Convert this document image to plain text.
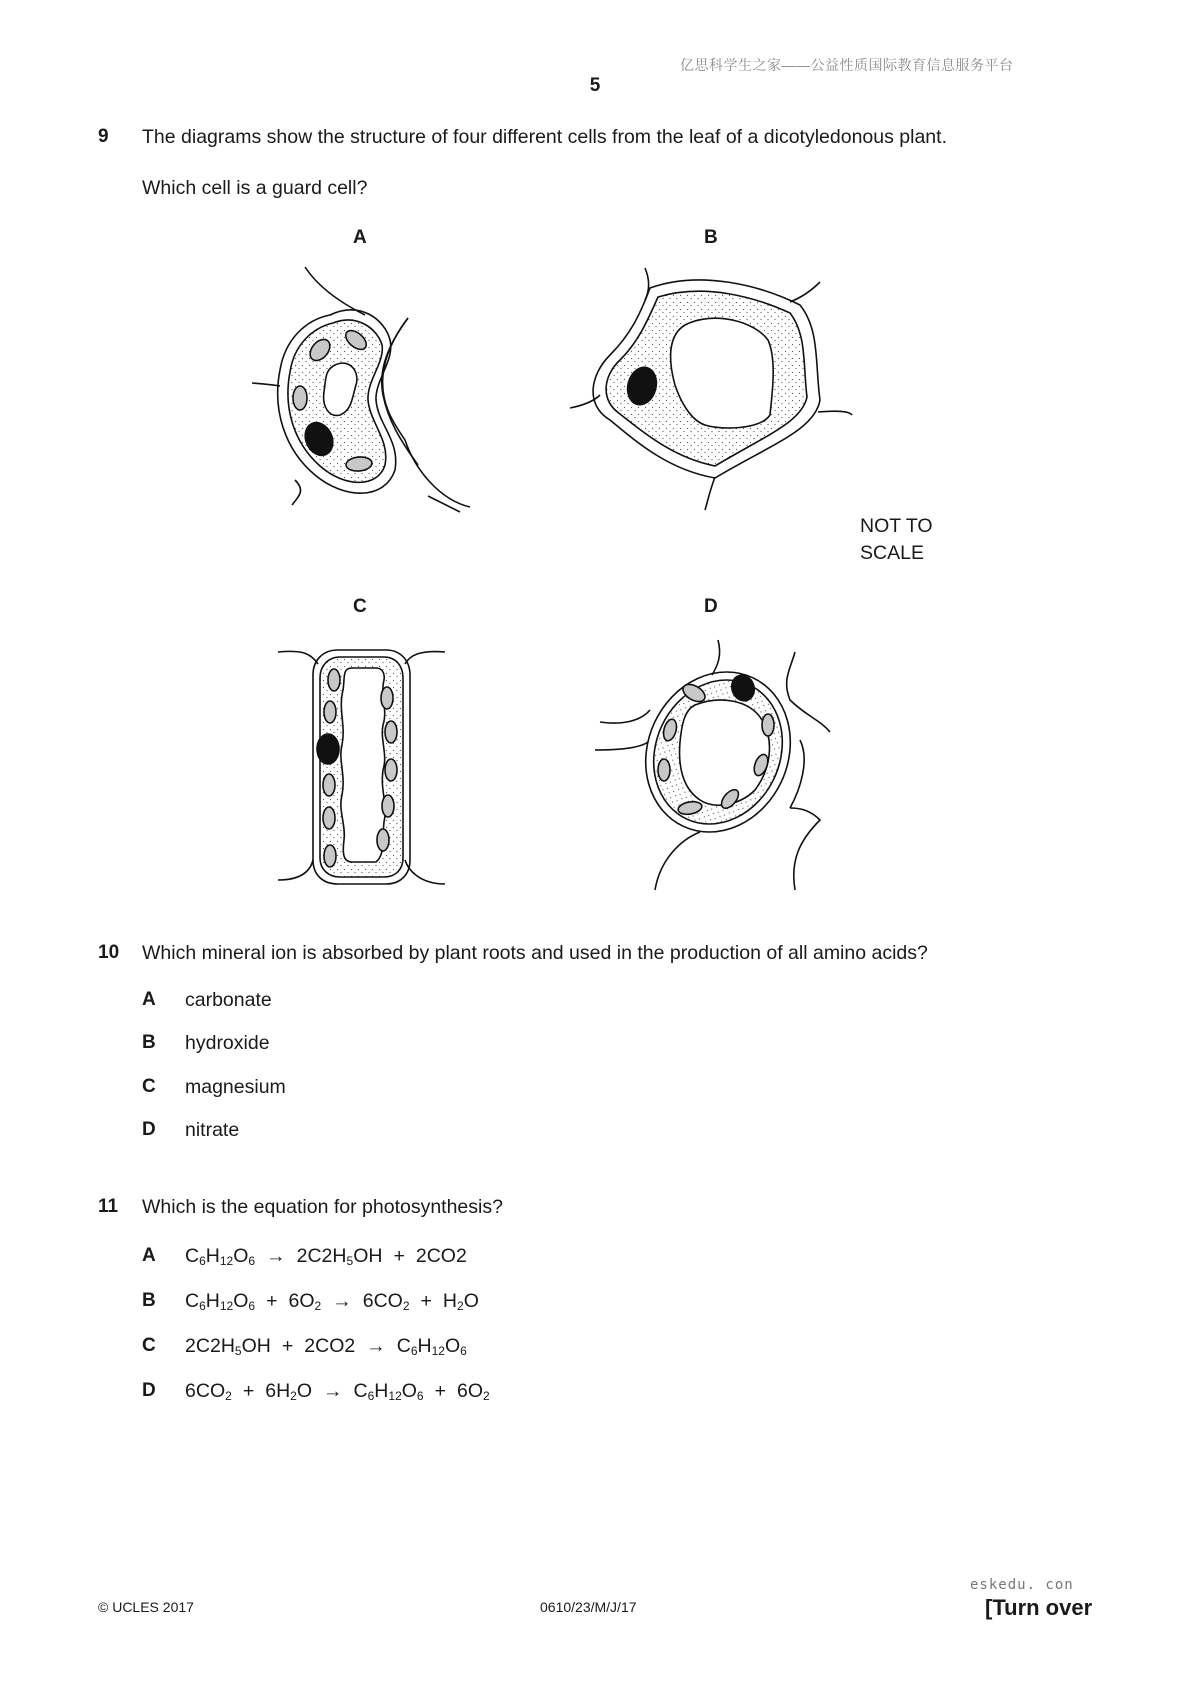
亿思科学生之家——公益性质国际教育信息服务平台
5
9 The diagrams show the structure of four different cells from the leaf of a dicotyledonous plant.
Which cell is a guard cell?
A	B
C	D
NOT TO
SCALE
10 Which mineral ion is absorbed by plant roots and used in the production of all amino acids?
A carbonate
B hydroxide
C magnesium
D nitrate
11 Which is the equation for photosynthesis?
A $C_6H_{12}O_6 \to 2C2H_5OH + 2CO2$
B $C_6H_{12}O_6 + 6O_2 \to 6CO_2 + H_2O$
C $2C2H_5OH + 2CO2 \to C_6H_{12}O_6$
D $6CO_2 + 6H_2O \to C_6H_{12}O_6 + 6O_2$
© UCLES 2017	0610/23/M/J/17
eskedu. con
[Turn over
